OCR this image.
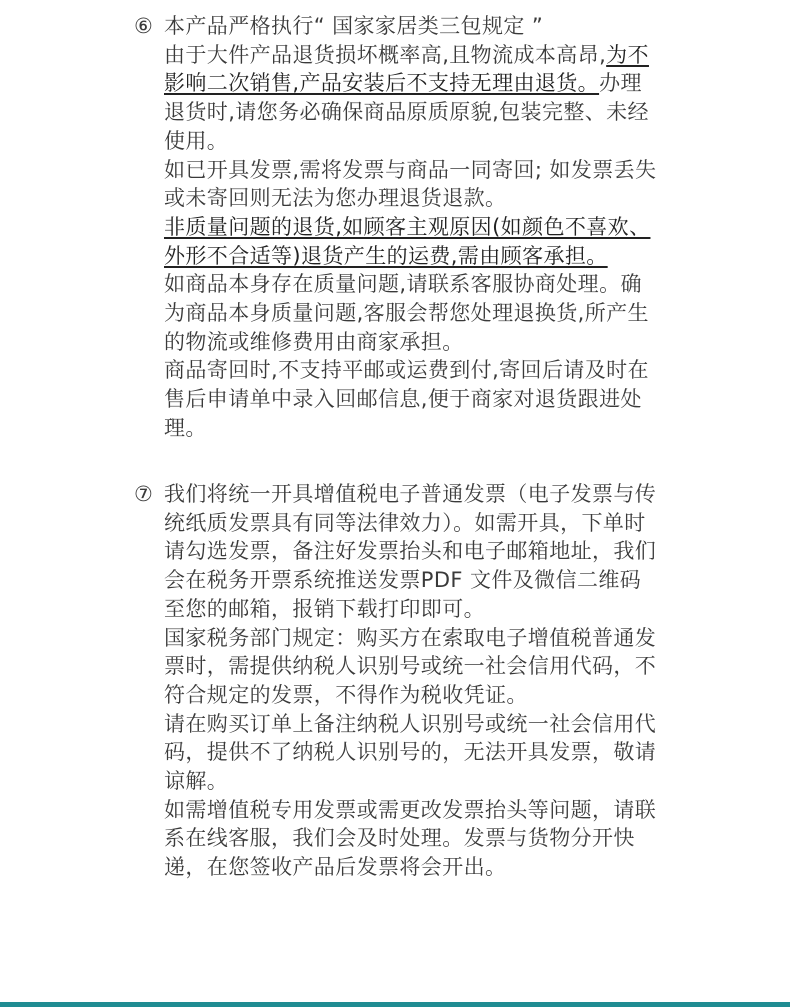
⑥ 本产品严格执行“ 国家家居类三包规定 ”
由于大件产品退货损坏概率高,且物流成本高昂,为不影响二次销售,产品安装后不支持无理由退货。办理退货时,请您务必确保商品原质原貌,包装完整、未经使用。
如已开具发票,需将发票与商品一同寄回; 如发票丢失或未寄回则无法为您办理退货退款。
非质量问题的退货,如顾客主观原因(如颜色不喜欢、外形不合适等)退货产生的运费,需由顾客承担。
如商品本身存在质量问题,请联系客服协商处理。确为商品本身质量问题,客服会帮您处理退换货,所产生的物流或维修费用由商家承担。
商品寄回时,不支持平邮或运费到付,寄回后请及时在售后申请单中录入回邮信息,便于商家对退货跟进处理。
⑦ 我们将统一开具增值税电子普通发票（电子发票与传统纸质发票具有同等法律效力）。如需开具，下单时请勾选发票，备注好发票抬头和电子邮箱地址，我们会在税务开票系统推送发票PDF 文件及微信二维码至您的邮箱，报销下载打印即可。
国家税务部门规定：购买方在索取电子增值税普通发票时，需提供纳税人识别号或统一社会信用代码，不符合规定的发票，不得作为税收凭证。
请在购买订单上备注纳税人识别号或统一社会信用代码，提供不了纳税人识别号的，无法开具发票，敬请谅解。
如需增值税专用发票或需更改发票抬头等问题，请联系在线客服，我们会及时处理。发票与货物分开快递，在您签收产品后发票将会开出。
